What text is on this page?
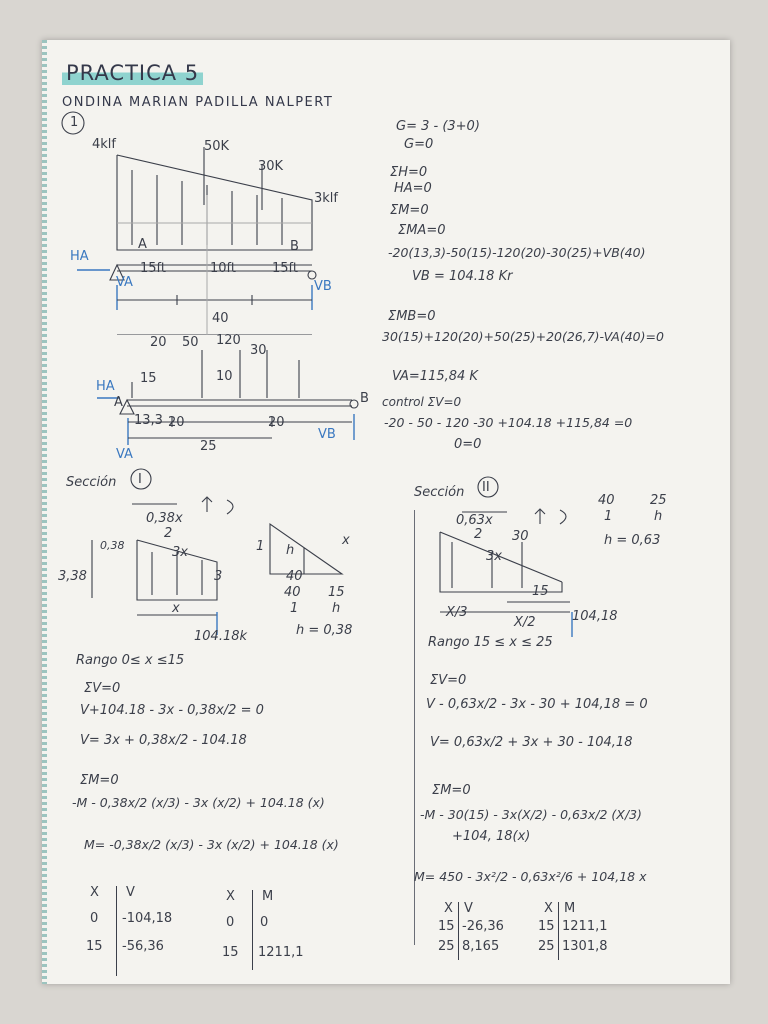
PRACTICA 5
ONDINA MARIAN PADILLA NALPERT
1
4klf	50K
30K
3klf
HA
A	B
VA	VB
15ft	10ft	15ft
40
20 50 120
30
15	10
13,3 20	20
25
HA
A	B
VA
VB
G= 3 - (3+0)
G=0
ΣH=0
HA=0
ΣM=0
ΣMA=0
-20(13,3)-50(15)-120(20)-30(25)+VB(40)
VB = 104.18 Kr
ΣMB=0
30(15)+120(20)+50(25)+20(26,7)-VA(40)=0
VA=115,84 K
control ΣV=0
-20 - 50 - 120 -30 +104.18 +115,84 =0
0=0
Sección I
0,38x
2
0,38
3,38
3x
3
x
104.18k
1 h
x
40
40
1
15
h
h = 0,38
Rango 0≤ x ≤15
ΣV=0
V+104.18 - 3x - 0,38x/2 = 0
V= 3x + 0,38x/2 - 104.18
ΣM=0
-M - 0,38x/2 (x/3) - 3x (x/2) + 104.18 (x)
M= -0,38x/2 (x/3) - 3x (x/2) + 104.18 (x)
X V
0 -104,18
15 -56,36
X M
0 0
15 1211,1
Sección II
0,63x
2 30
3x
15
X/3
X/2	104,18
40
1
25
h
h = 0,63
Rango 15 ≤ x ≤ 25
ΣV=0
V - 0,63x/2 - 3x - 30 + 104,18 = 0
V= 0,63x/2 + 3x + 30 - 104,18
ΣM=0
-M - 30(15) - 3x(X/2) - 0,63x/2 (X/3)
+104, 18(x)
M= 450 - 3x²/2 - 0,63x²/6 + 104,18 x
X V
15 -26,36
25 8,165
X M
15 1211,1
25 1301,8
